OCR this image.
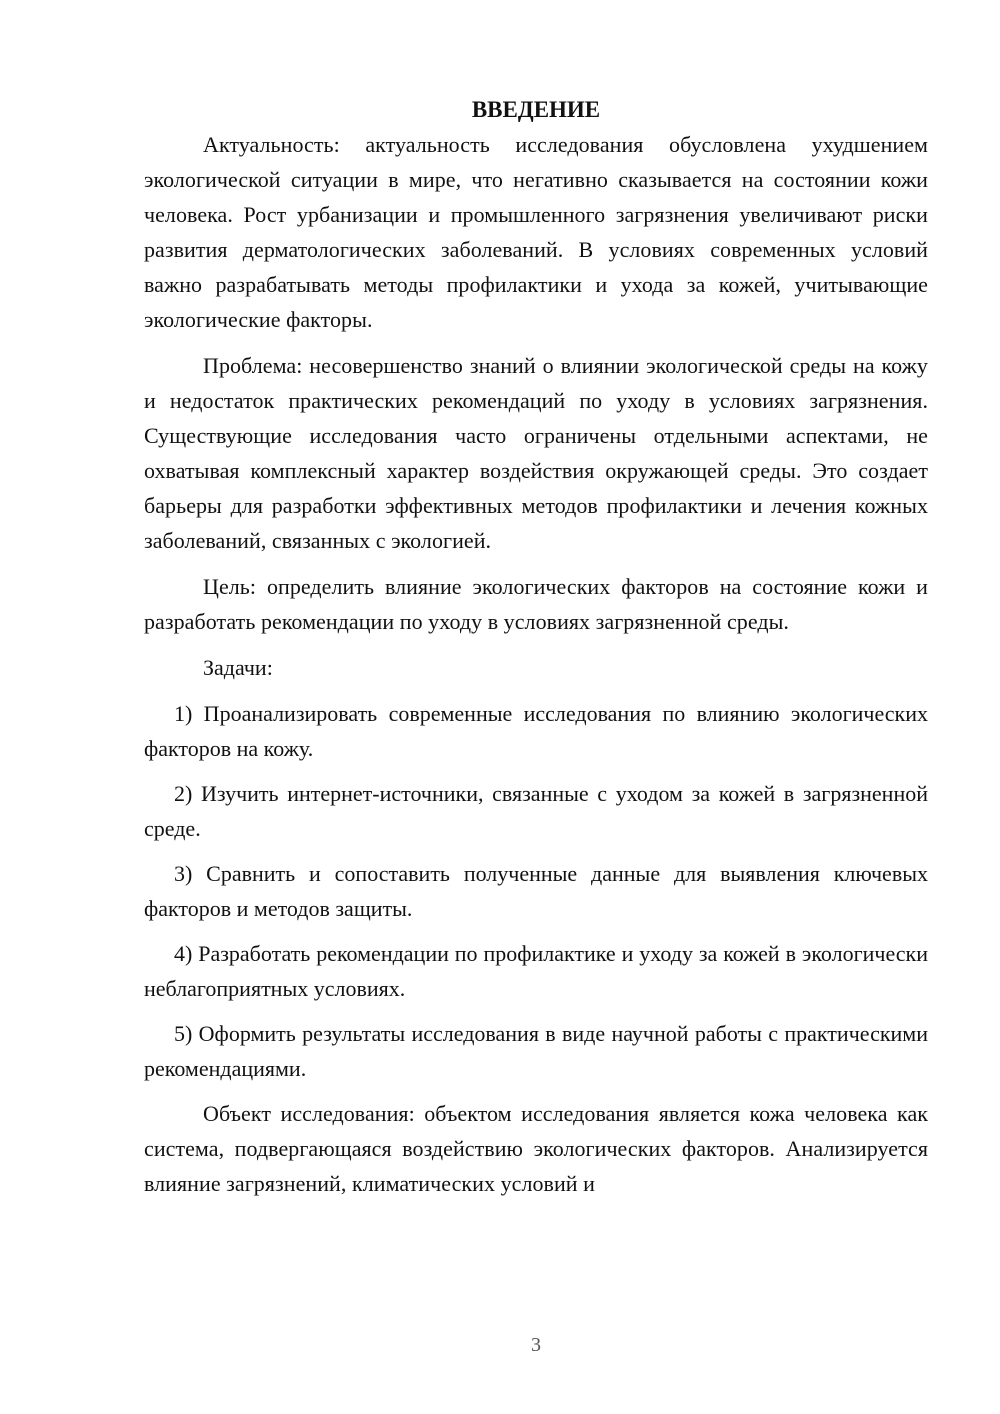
ВВЕДЕНИЕ

Актуальность: актуальность исследования обусловлена ухудшением экологической ситуации в мире, что негативно сказывается на состоянии кожи человека. Рост урбанизации и промышленного загрязнения увеличивают риски развития дерматологических заболеваний. В условиях современных условий важно разрабатывать методы профилактики и ухода за кожей, учитывающие экологические факторы.

Проблема: несовершенство знаний о влиянии экологической среды на кожу и недостаток практических рекомендаций по уходу в условиях загрязнения. Существующие исследования часто ограничены отдельными аспектами, не охватывая комплексный характер воздействия окружающей среды. Это создает барьеры для разработки эффективных методов профилактики и лечения кожных заболеваний, связанных с экологией.

Цель: определить влияние экологических факторов на состояние кожи и разработать рекомендации по уходу в условиях загрязненной среды.

Задачи:

1) Проанализировать современные исследования по влиянию экологических факторов на кожу.

2) Изучить интернет-источники, связанные с уходом за кожей в загрязненной среде.

3) Сравнить и сопоставить полученные данные для выявления ключевых факторов и методов защиты.

4) Разработать рекомендации по профилактике и уходу за кожей в экологически неблагоприятных условиях.

5) Оформить результаты исследования в виде научной работы с практическими рекомендациями.

Объект исследования: объектом исследования является кожа человека как система, подвергающаяся воздействию экологических факторов. Анализируется влияние загрязнений, климатических условий и

3
